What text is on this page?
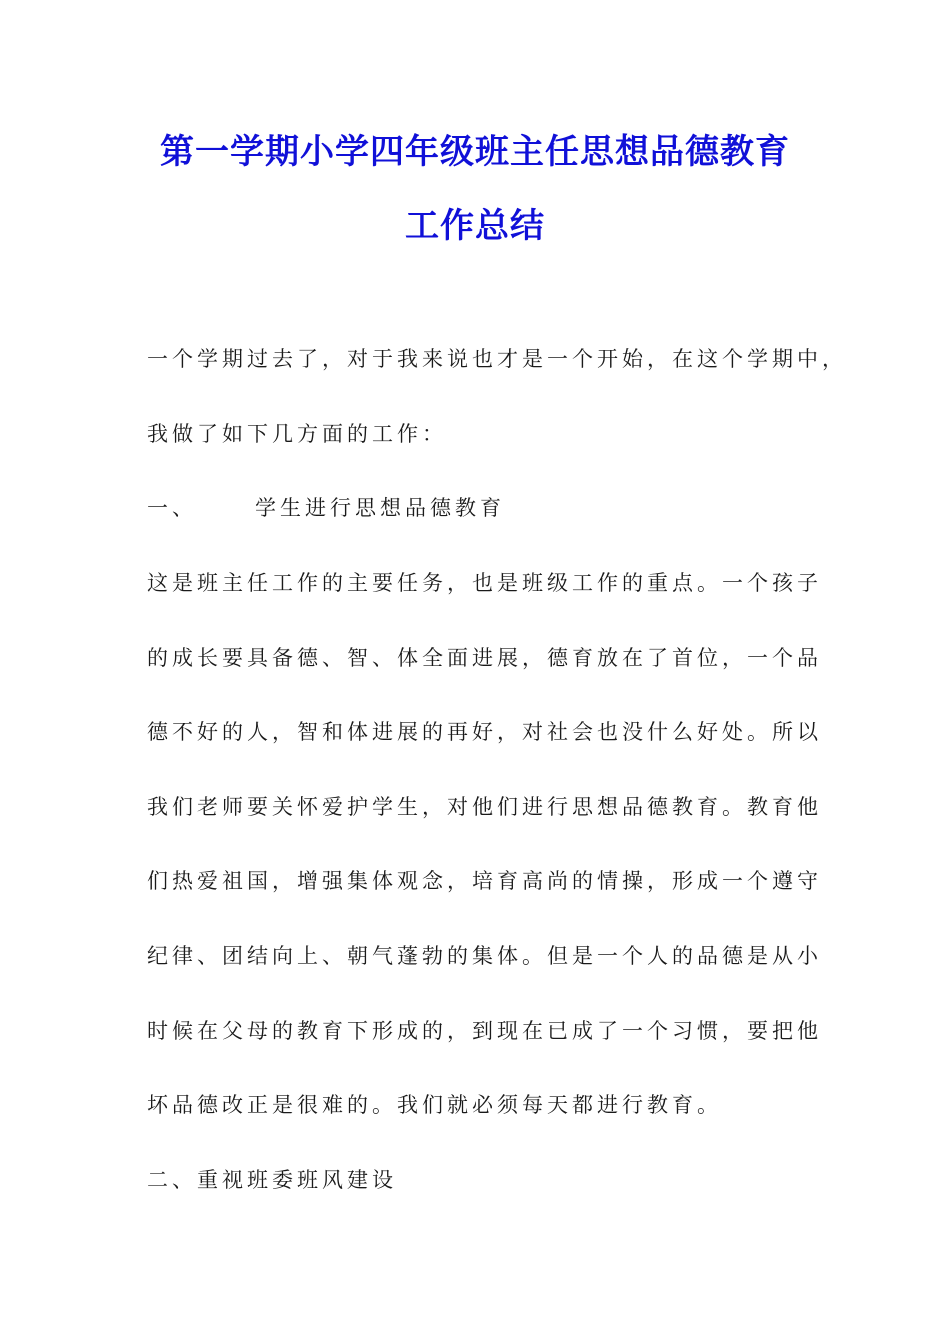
第一学期小学四年级班主任思想品德教育
工作总结
一个学期过去了，对于我来说也才是一个开始，在这个学期中，
我做了如下几方面的工作：
一、	学生进行思想品德教育
这是班主任工作的主要任务，也是班级工作的重点。一个孩子
的成长要具备德、智、体全面进展，德育放在了首位，一个品
德不好的人，智和体进展的再好，对社会也没什么好处。所以
我们老师要关怀爱护学生，对他们进行思想品德教育。教育他
们热爱祖国，增强集体观念，培育高尚的情操，形成一个遵守
纪律、团结向上、朝气蓬勃的集体。但是一个人的品德是从小
时候在父母的教育下形成的，到现在已成了一个习惯，要把他
坏品德改正是很难的。我们就必须每天都进行教育。
二、重视班委班风建设
